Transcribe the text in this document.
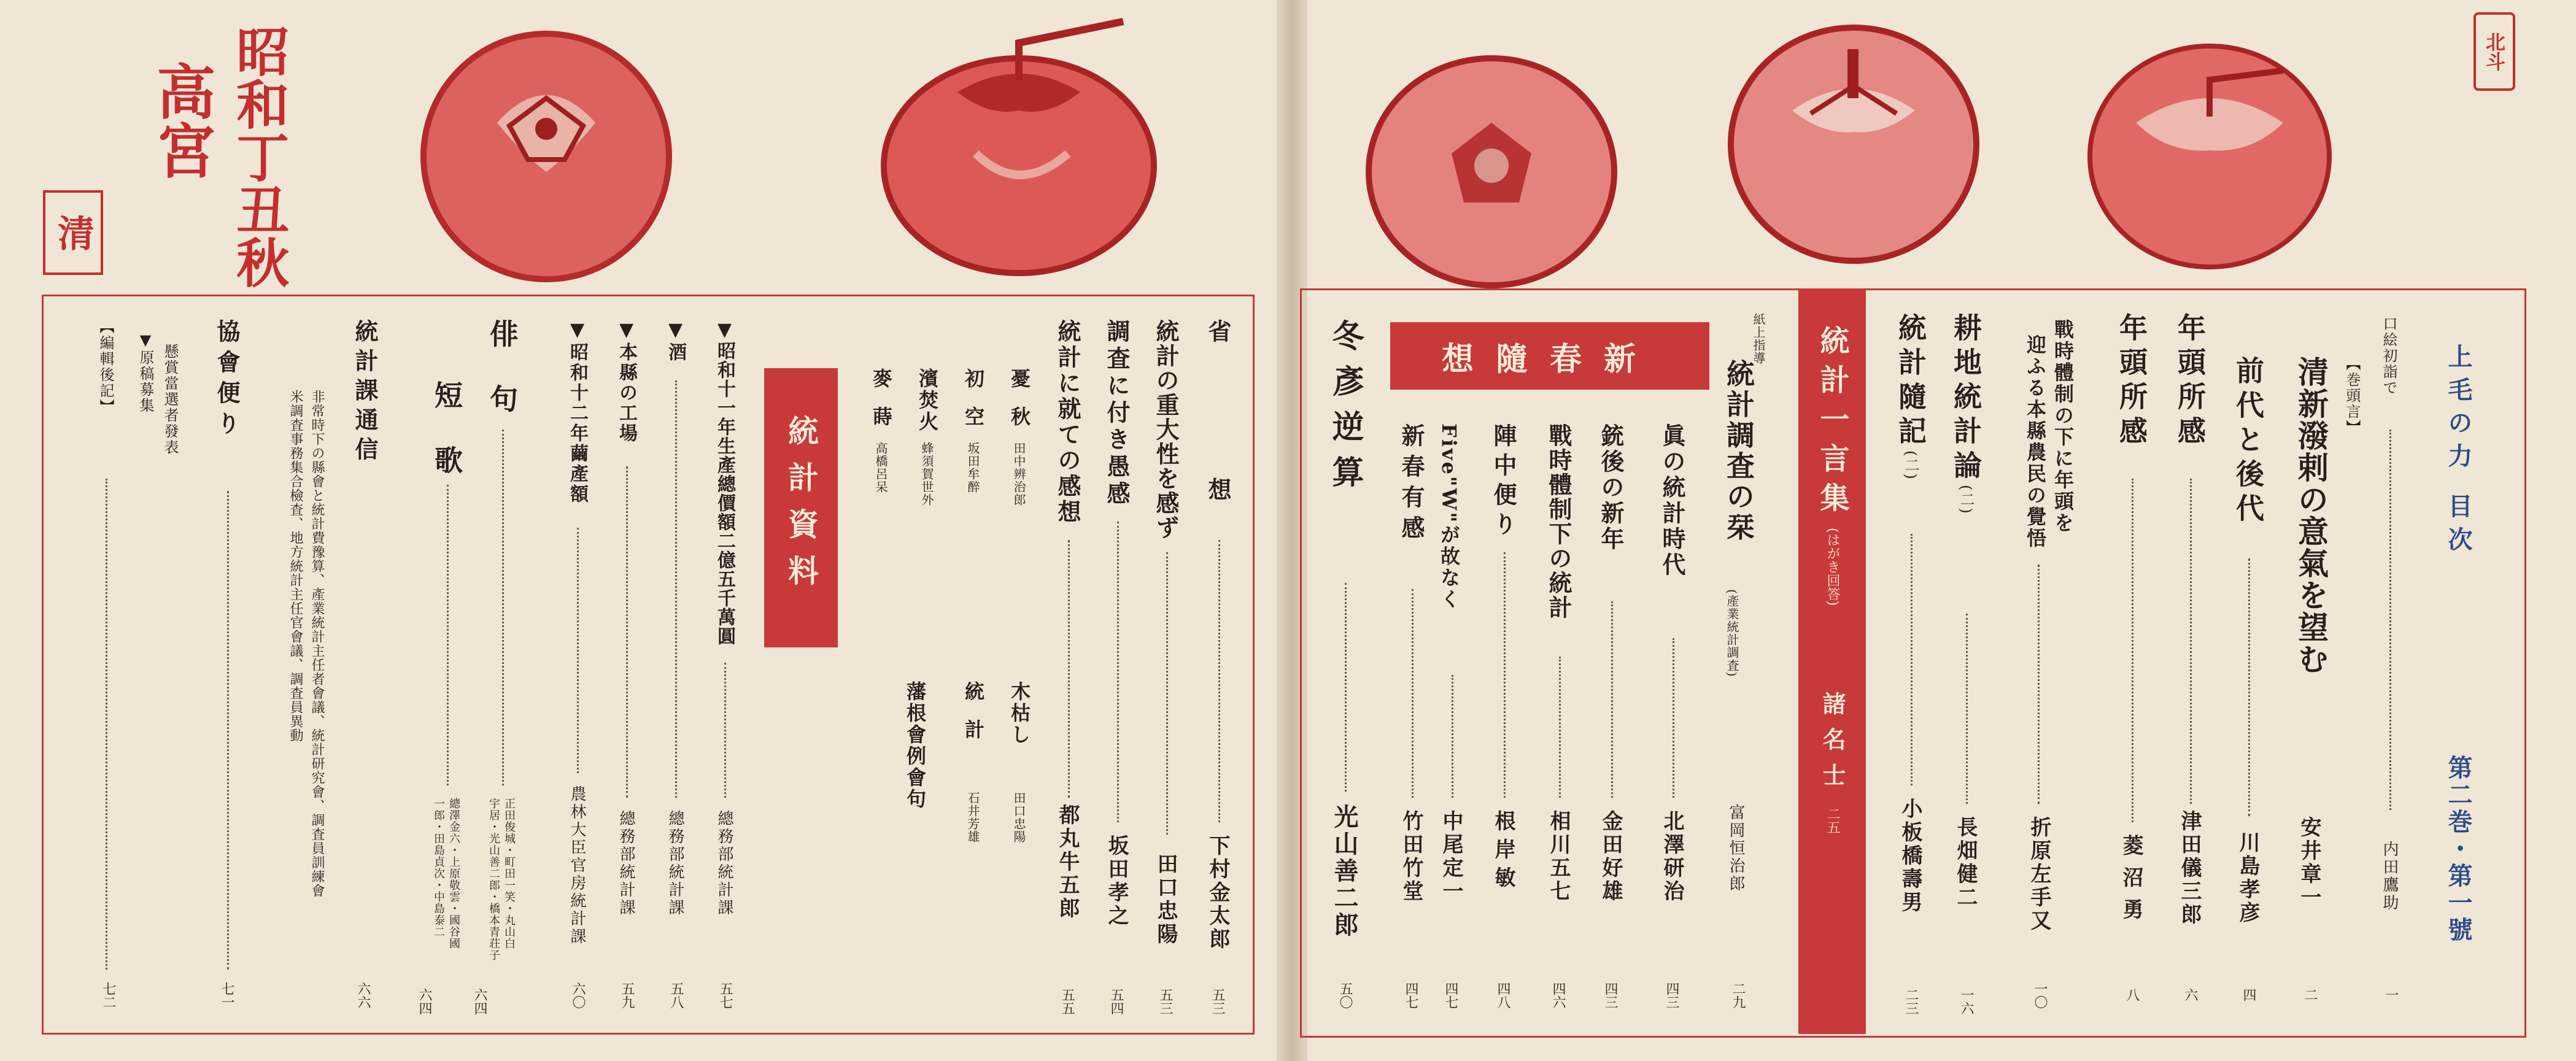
昭和丁丑秋
高宮
清
北斗
上毛の力 目次
第二巻・第一號
口絵初詣で
内田鷹助
一
【巻頭言】
清新潑剌の意氣を望む
安井章一
二
前代と後代
川島孝彦
四
年頭所感
津田儀三郎
六
年頭所感
菱沼勇
八
戰時體制の下に年頭を
迎ふる本縣農民の覺悟
折原左手又
一〇
耕地統計論(二)
長畑健二
一六
統計隨記(二)
小板橋壽男
二三
統計一言集
(はがき回答)
諸名士
二五
紙上指導
統計調査の栞
(產業統計調査)
富岡恒治郎
二九
新春隨想
眞の統計時代
北澤研治
四三
銃後の新年
金田好雄
四三
戰時體制下の統計
相川五七
四六
陣中便り
根岸敏
四八
Five"W"が故なく
中尾定一
四七
新春有感
竹田竹堂
四七
冬彥逆算
光山善二郎
五〇
省想
下村金太郎
五三
統計の重大性を感ず
田口忠陽
五三
調査に付き愚感
坂田孝之
五四
統計に就ての感想
都丸牛五郎
五五
憂秋
田中辨治郎
木枯し
田口忠陽
初空
坂田牟醉
統計
石井芳雄
濱焚火
蜂須賀世外
藩根會例會句
麥蒔
高橋呂呆
統計資料
▼昭和十一年生產總價額二億五千萬圓
總務部統計課
五七
▼酒
總務部統計課
五八
▼本縣の工場
總務部統計課
五九
▼昭和十二年繭產額
農林大臣官房統計課
六〇
俳句
短歌
正田俊城・町田一笑・丸山白
宇居・光山善二郎・橋本青荘子
總澤金六・上原敬雲・國谷國
一郎・田島貞次・中島泰二
六四
六四
統計課通信
非常時下の縣會と統計費豫算、產業統計主任者會議、統計研究會、調査員訓練會
米調査事務集合檢査、地方統計主任官會議、調査員異動
六六
協會便り
七一
懸賞當選者發表
▼原稿募集
【編輯後記】
七二
